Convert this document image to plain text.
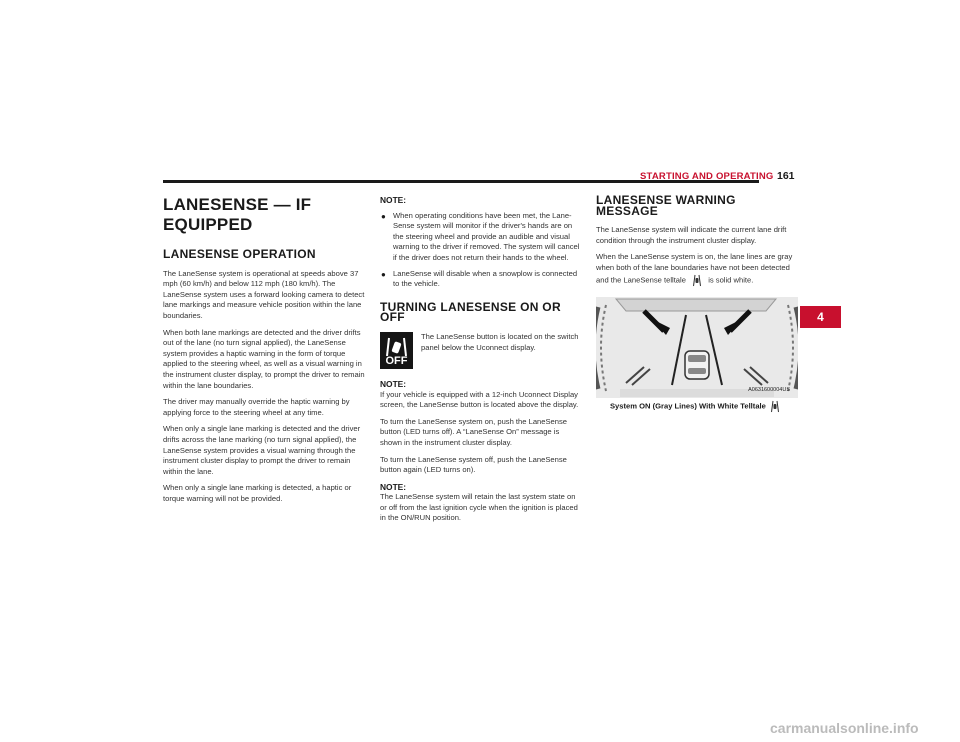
STARTING AND OPERATING 161
LANESENSE — IF EQUIPPED
LANESENSE OPERATION

The LaneSense system is operational at speeds above 37 mph (60 km/h) and below 112 mph (180 km/h). The LaneSense system uses a forward looking camera to detect lane markings and measure vehicle position within the lane boundaries.

When both lane markings are detected and the driver drifts out of the lane (no turn signal applied), the LaneSense system provides a haptic warning in the form of torque applied to the steering wheel, as well as a visual warning in the instrument cluster display, to prompt the driver to remain within the lane boundaries.

The driver may manually override the haptic warning by applying force to the steering wheel at any time.

When only a single lane marking is detected and the driver drifts across the lane marking (no turn signal applied), the LaneSense system provides a visual warning through the instrument cluster display to prompt the driver to remain within the lane.

When only a single lane marking is detected, a haptic or torque warning will not be provided.

NOTE:
● When operating conditions have been met, the Lane-Sense system will monitor if the driver's hands are on the steering wheel and provide an audible and visual warning to the driver if removed. The system will cancel if the driver does not return their hands to the wheel.
● LaneSense will disable when a snowplow is connected to the vehicle.
TURNING LANESENSE ON OR OFF
OFF
The LaneSense button is located on the switch panel below the Uconnect display.
NOTE:

If your vehicle is equipped with a 12-inch Uconnect Display screen, the LaneSense button is located above the display.

To turn the LaneSense system on, push the LaneSense button (LED turns off). A “LaneSense On” message is shown in the instrument cluster display.

To turn the LaneSense system off, push the LaneSense button again (LED turns on).

NOTE:

The LaneSense system will retain the last system state on or off from the last ignition cycle when the ignition is placed in the ON/RUN position.

LANESENSE WARNING MESSAGE

The LaneSense system will indicate the current lane drift condition through the instrument cluster display.

When the LaneSense system is on, the lane lines are gray when both of the lane boundaries have not been detected and the LaneSense telltale	is solid white.

A0631600004US
System ON (Gray Lines) With White Telltale
4
carmanualsonline.info
